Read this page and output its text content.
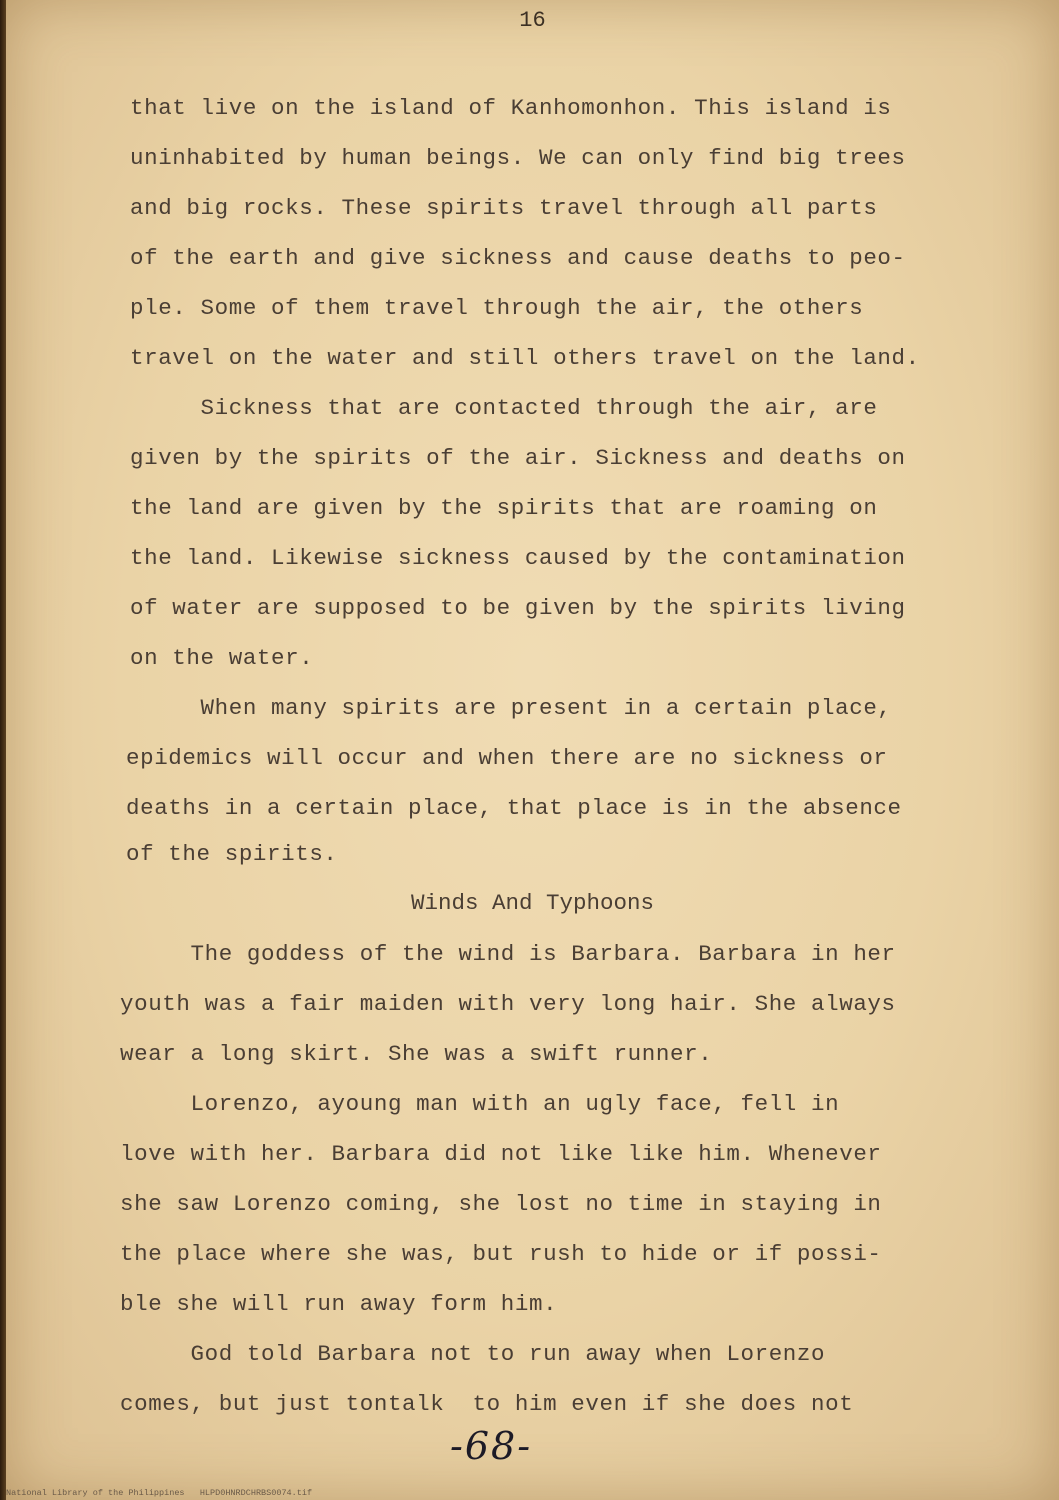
16

that live on the island of Kanhomonhon. This island is

uninhabited by human beings. We can only find big trees

and big rocks. These spirits travel through all parts

of the earth and give sickness and cause deaths to peo-

ple. Some of them travel through the air, the others

travel on the water and still others travel on the land.

Sickness that are contacted through the air, are

given by the spirits of the air. Sickness and deaths on

the land are given by the spirits that are roaming on

the land. Likewise sickness caused by the contamination

of water are supposed to be given by the spirits living

on the water.

When many spirits are present in a certain place,

epidemics will occur and when there are no sickness or

deaths in a certain place, that place is in the absence

of the spirits.

Winds And Typhoons

The goddess of the wind is Barbara. Barbara in her

youth was a fair maiden with very long hair. She always

wear a long skirt. She was a swift runner.

Lorenzo, ayoung man with an ugly face, fell in

love with her. Barbara did not like like him. Whenever

she saw Lorenzo coming, she lost no time in staying in

the place where she was, but rush to hide or if possi-

ble she will run away form him.

God told Barbara not to run away when Lorenzo

comes, but just tontalk  to him even if she does not

-68-
National Library of the Philippines   HLPD0HNRDCHRBS0074.tif
